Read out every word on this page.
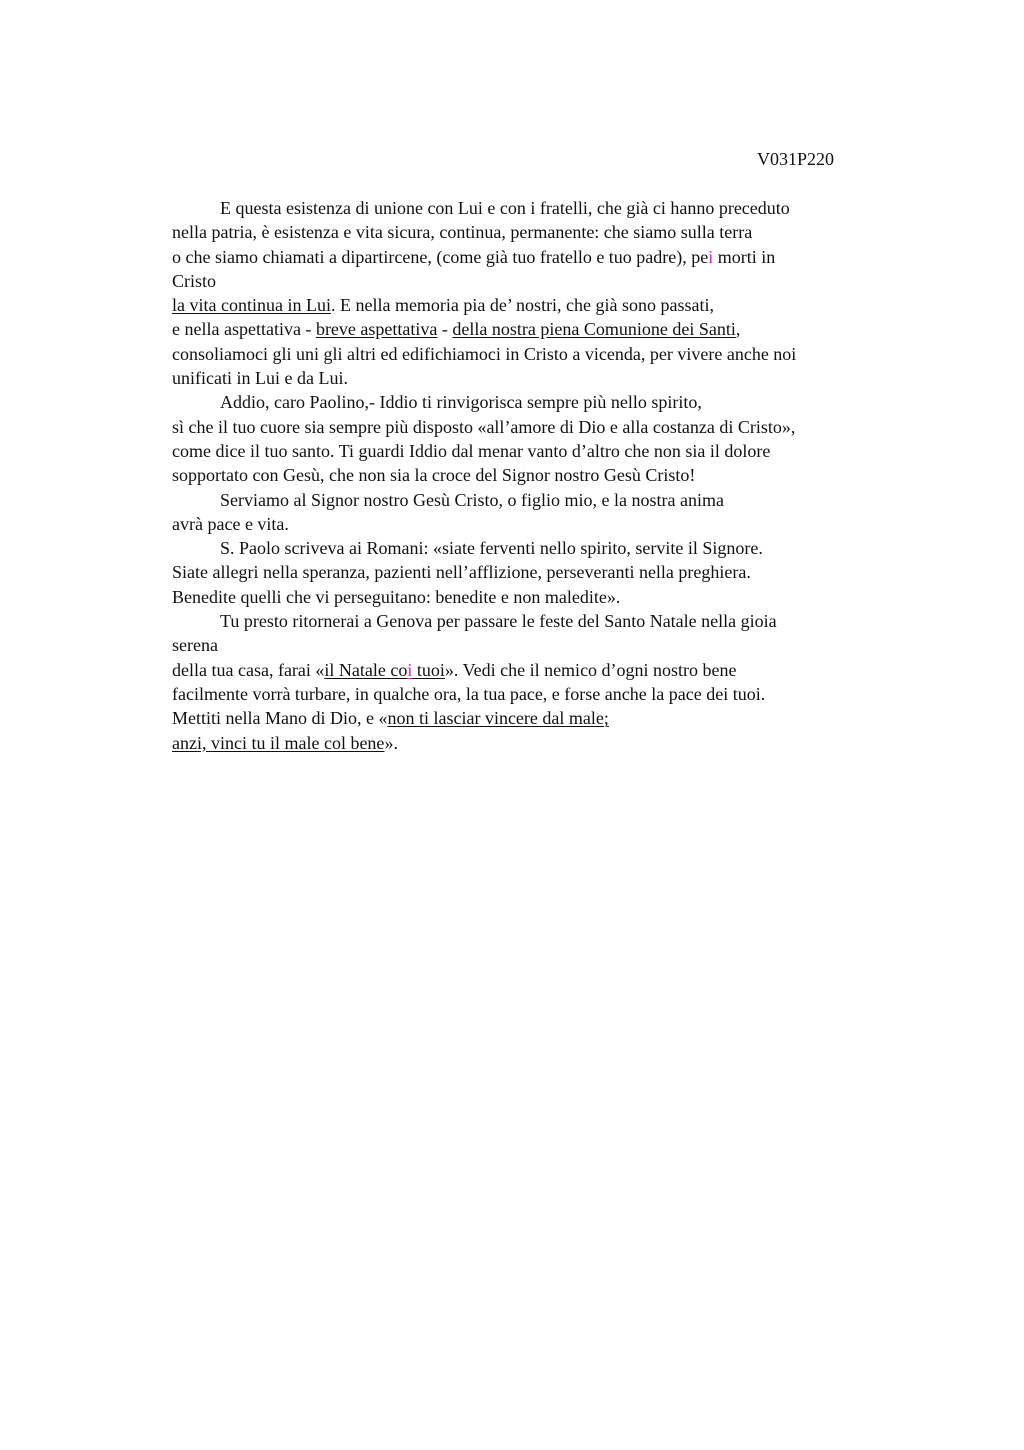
V031P220
E questa esistenza di unione con Lui e con i fratelli, che già ci hanno preceduto
nella patria, è esistenza e vita sicura, continua, permanente: che siamo sulla terra
o che siamo chiamati a dipartircene, (come già tuo fratello e tuo padre), pei morti in
Cristo
la vita continua in Lui. E nella memoria pia de’ nostri, che già sono passati,
e nella aspettativa - breve aspettativa - della nostra piena Comunione dei Santi,
consoliamoci gli uni gli altri ed edifichiamoci in Cristo a vicenda, per vivere anche noi
unificati in Lui e da Lui.
Addio, caro Paolino,- Iddio ti rinvigorisca sempre più nello spirito,
sì che il tuo cuore sia sempre più disposto «all’amore di Dio e alla costanza di Cristo»,
come dice il tuo santo. Ti guardi Iddio dal menar vanto d’altro che non sia il dolore
sopportato con Gesù, che non sia la croce del Signor nostro Gesù Cristo!
Serviamo al Signor nostro Gesù Cristo, o figlio mio, e la nostra anima
avrà pace e vita.
S. Paolo scriveva ai Romani: «siate ferventi nello spirito, servite il Signore.
Siate allegri nella speranza, pazienti nell’afflizione, perseveranti nella preghiera.
Benedite quelli che vi perseguitano: benedite e non maledite».
Tu presto ritornerai a Genova per passare le feste del Santo Natale nella gioia
serena
della tua casa, farai «il Natale coi tuoi». Vedi che il nemico d’ogni nostro bene
facilmente vorrà turbare, in qualche ora, la tua pace, e forse anche la pace dei tuoi.
Mettiti nella Mano di Dio, e «non ti lasciar vincere dal male;
anzi, vinci tu il male col bene».
